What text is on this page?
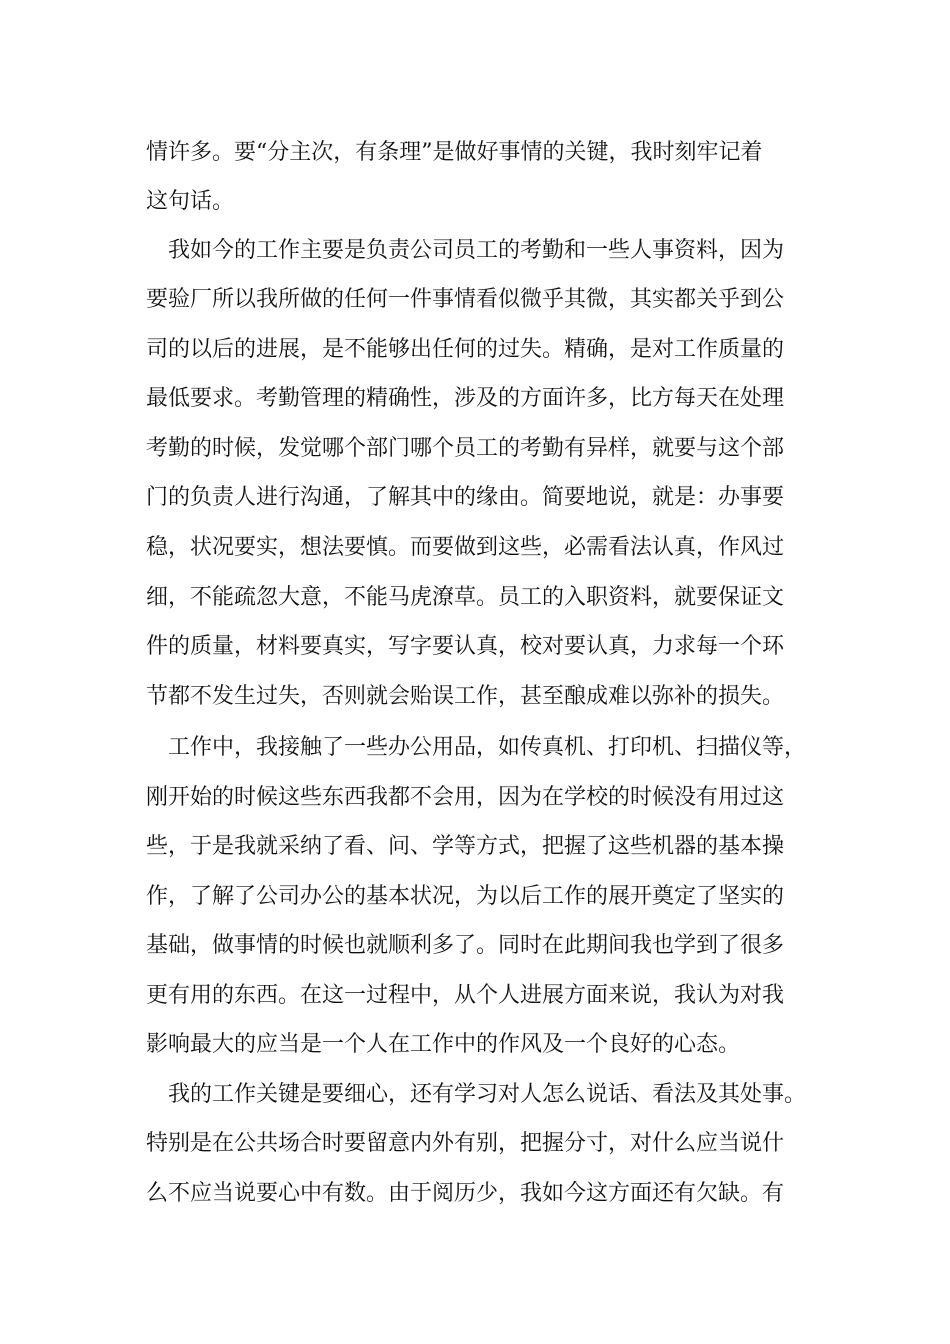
情许多。要“分主次，有条理”是做好事情的关键，我时刻牢记着
这句话。
我如今的工作主要是负责公司员工的考勤和一些人事资料，因为
要验厂所以我所做的任何一件事情看似微乎其微，其实都关乎到公
司的以后的进展，是不能够出任何的过失。精确，是对工作质量的
最低要求。考勤管理的精确性，涉及的方面许多，比方每天在处理
考勤的时候，发觉哪个部门哪个员工的考勤有异样，就要与这个部
门的负责人进行沟通，了解其中的缘由。简要地说，就是：办事要
稳，状况要实，想法要慎。而要做到这些，必需看法认真，作风过
细，不能疏忽大意，不能马虎潦草。员工的入职资料，就要保证文
件的质量，材料要真实，写字要认真，校对要认真，力求每一个环
节都不发生过失，否则就会贻误工作，甚至酿成难以弥补的损失。
工作中，我接触了一些办公用品，如传真机、打印机、扫描仪等，
刚开始的时候这些东西我都不会用，因为在学校的时候没有用过这
些，于是我就采纳了看、问、学等方式，把握了这些机器的基本操
作，了解了公司办公的基本状况，为以后工作的展开奠定了坚实的
基础，做事情的时候也就顺利多了。同时在此期间我也学到了很多
更有用的东西。在这一过程中，从个人进展方面来说，我认为对我
影响最大的应当是一个人在工作中的作风及一个良好的心态。
我的工作关键是要细心，还有学习对人怎么说话、看法及其处事。
特别是在公共场合时要留意内外有别，把握分寸，对什么应当说什
么不应当说要心中有数。由于阅历少，我如今这方面还有欠缺。有
